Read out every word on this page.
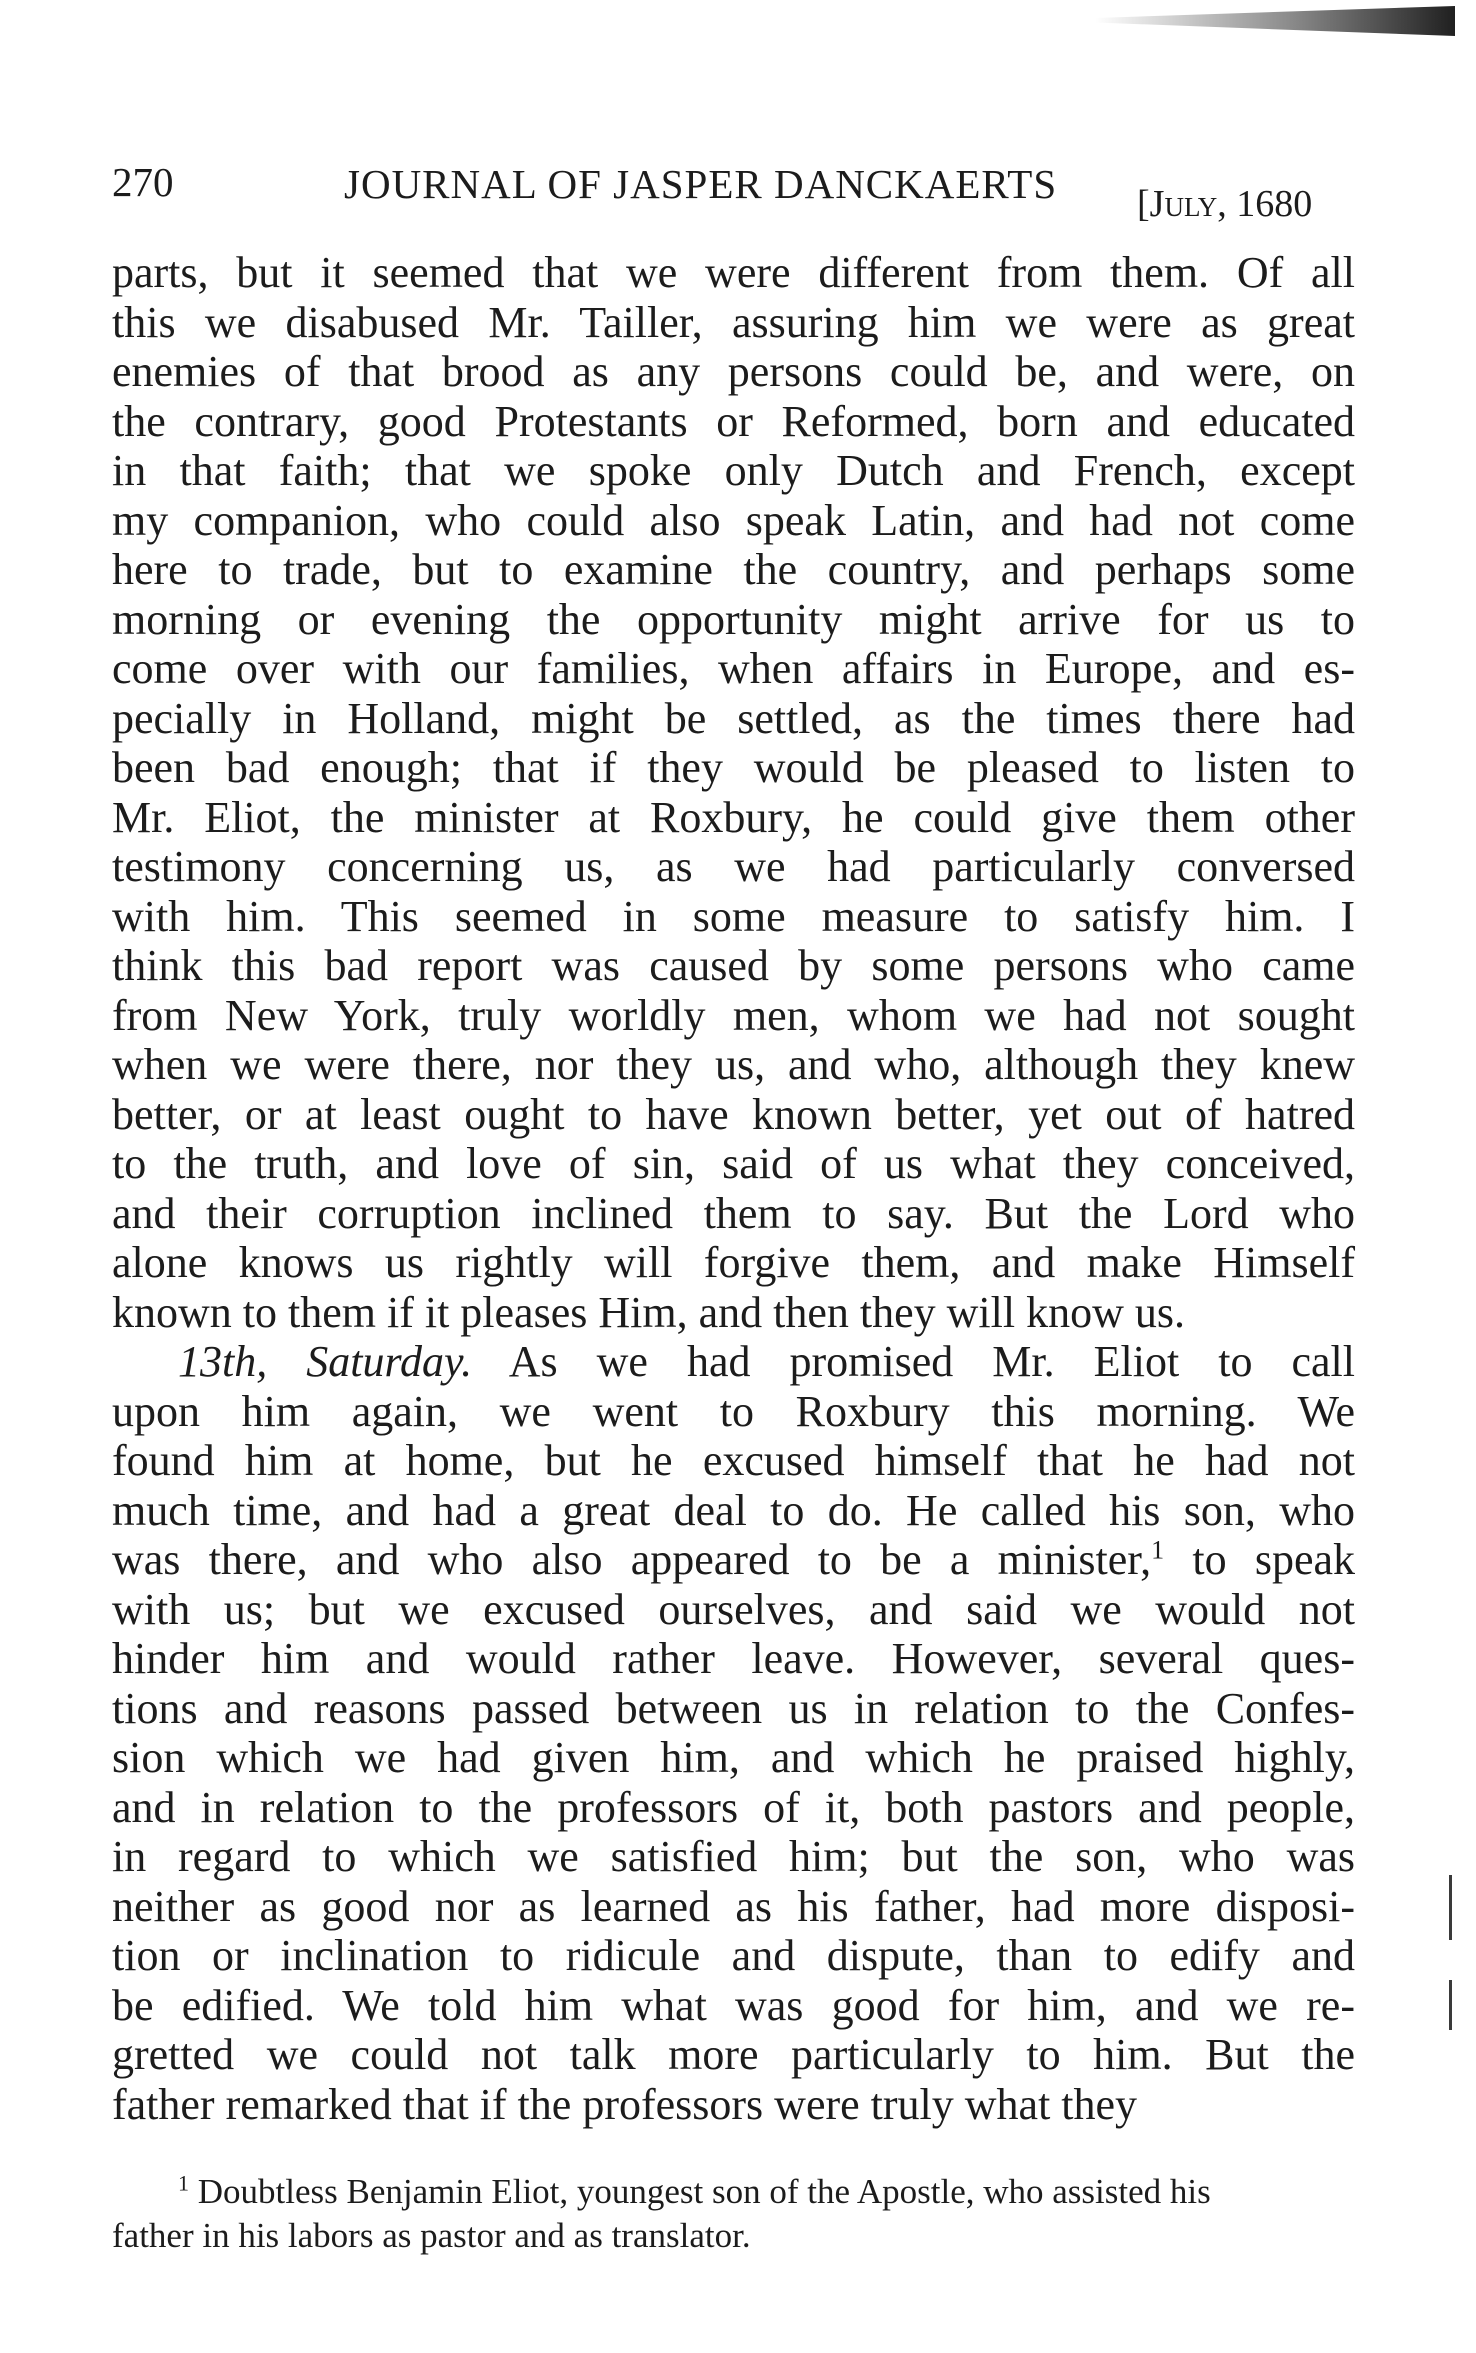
270	JOURNAL OF JASPER DANCKAERTS [July, 1680
parts, but it seemed that we were different from them. Of all
this we disabused Mr. Tailler, assuring him we were as great
enemies of that brood as any persons could be, and were, on
the contrary, good Protestants or Reformed, born and educated
in that faith; that we spoke only Dutch and French, except
my companion, who could also speak Latin, and had not come
here to trade, but to examine the country, and perhaps some
morning or evening the opportunity might arrive for us to
come over with our families, when affairs in Europe, and es-
pecially in Holland, might be settled, as the times there had
been bad enough; that if they would be pleased to listen to
Mr. Eliot, the minister at Roxbury, he could give them other
testimony concerning us, as we had particularly conversed
with him. This seemed in some measure to satisfy him. I
think this bad report was caused by some persons who came
from New York, truly worldly men, whom we had not sought
when we were there, nor they us, and who, although they knew
better, or at least ought to have known better, yet out of hatred
to the truth, and love of sin, said of us what they conceived,
and their corruption inclined them to say. But the Lord who
alone knows us rightly will forgive them, and make Himself
known to them if it pleases Him, and then they will know us.
13th, Saturday. As we had promised Mr. Eliot to call
upon him again, we went to Roxbury this morning. We
found him at home, but he excused himself that he had not
much time, and had a great deal to do. He called his son, who
was there, and who also appeared to be a minister,$^1$ to speak
with us; but we excused ourselves, and said we would not
hinder him and would rather leave. However, several ques-
tions and reasons passed between us in relation to the Confes-
sion which we had given him, and which he praised highly,
and in relation to the professors of it, both pastors and people,
in regard to which we satisfied him; but the son, who was
neither as good nor as learned as his father, had more disposi-
tion or inclination to ridicule and dispute, than to edify and
be edified. We told him what was good for him, and we re-
gretted we could not talk more particularly to him. But the
father remarked that if the professors were truly what they
$^1$ Doubtless Benjamin Eliot, youngest son of the Apostle, who assisted his
father in his labors as pastor and as translator.
